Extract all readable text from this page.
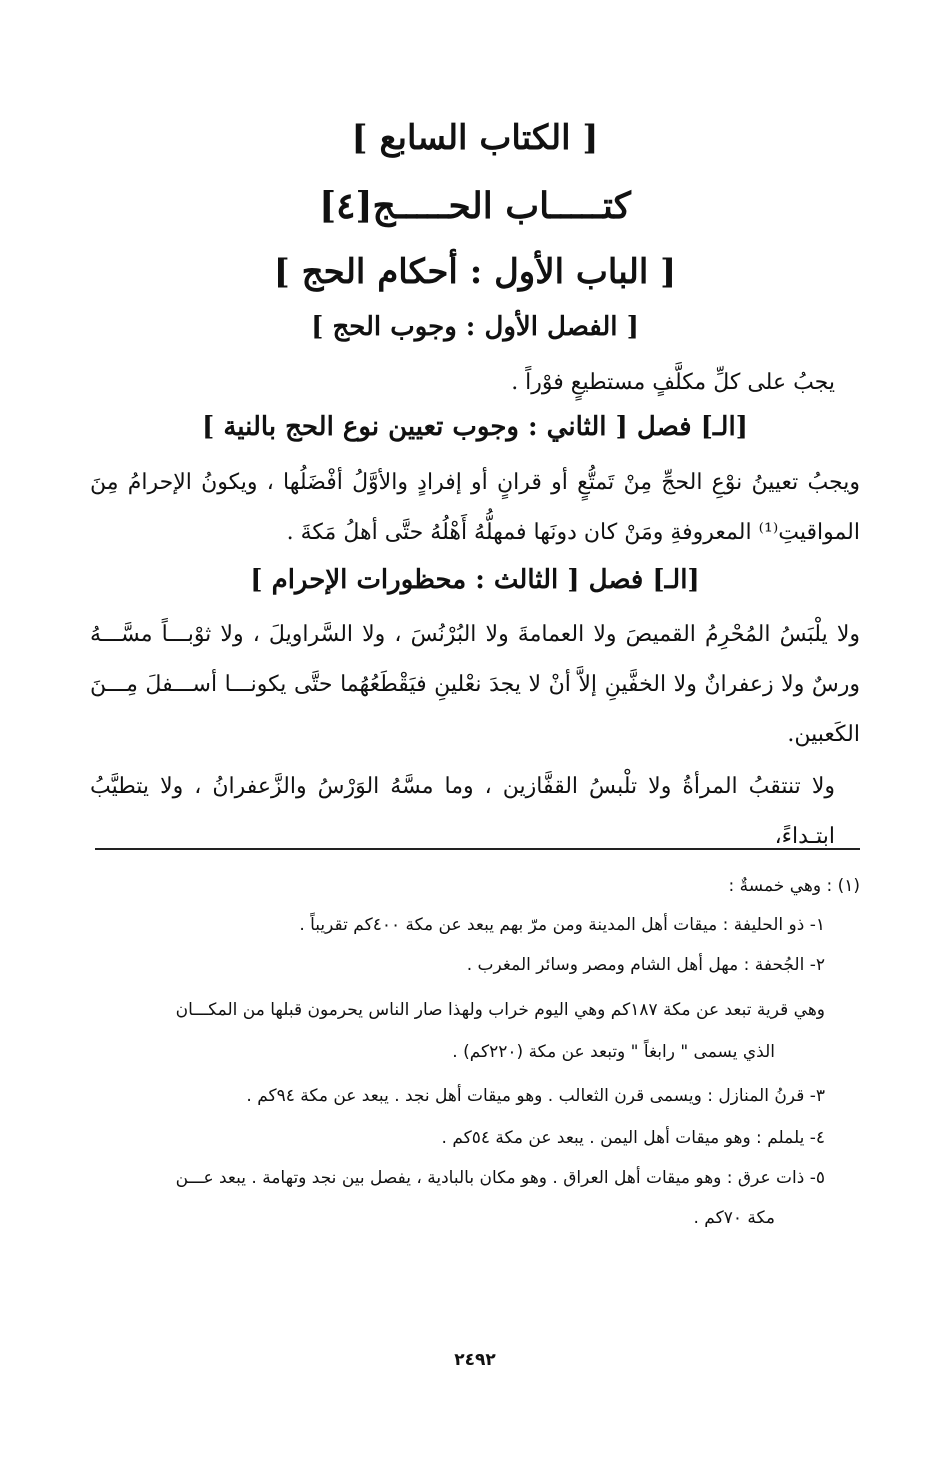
[ الكتاب السابع ]
كتـــــاب الحـــــج[٤]
[ الباب الأول : أحكام الحج ]
[ الفصل الأول : وجوب الحج ]
يجبُ على كلِّ مكلَّفٍ مستطيعٍ فوْراً .
[الـ] فصل [ الثاني : وجوب تعيين نوع الحج بالنية ]
ويجبُ تعيينُ نوْعِ الحجِّ مِنْ تَمتُّعٍ أو قرانٍ أو إفرادٍ والأوَّلُ أفْضَلُها ، ويكونُ الإحرامُ مِنَ المواقيتِ⁽¹⁾ المعروفةِ ومَنْ كان دونَها فمهلُّهُ أَهْلُهُ حتَّى أهلُ مَكةَ .
[الـ] فصل [ الثالث : محظورات الإحرام ]
ولا يلْبَسُ المُحْرِمُ القميصَ ولا العمامةَ ولا البُرْنُسَ ، ولا السَّراويلَ ، ولا ثوْبـــاً مسَّـــهُ ورسٌ ولا زعفرانٌ ولا الخفَّينِ إلاَّ أنْ لا يجدَ نعْلينِ فيَقْطَعُهُما حتَّى يكونـــا أســـفلَ مِـــنَ الكَعبين.
ولا تنتقبُ المرأةُ ولا تلْبسُ القفَّازين ، وما مسَّهُ الوَرْسُ والزَّعفرانُ ، ولا يتطيَّبُ ابتـداءً،
(١) : وهي خمسةٌ :
١- ذو الحليفة : ميقات أهل المدينة ومن مرّ بهم يبعد عن مكة ٤٠٠كم تقريباً .
٢- الجُحفة : مهل أهل الشام ومصر وسائر المغرب .
وهي قرية تبعد عن مكة ١٨٧كم وهي اليوم خراب ولهذا صار الناس يحرمون قبلها من المكـــان
الذي يسمى " رابغاً " وتبعد عن مكة (٢٢٠كم) .
٣- قرنُ المنازل : ويسمى قرن الثعالب . وهو ميقات أهل نجد . يبعد عن مكة ٩٤كم .
٤- يلملم : وهو ميقات أهل اليمن . يبعد عن مكة ٥٤كم .
٥- ذات عرق : وهو ميقات أهل العراق . وهو مكان بالبادية ، يفصل بين نجد وتهامة . يبعد عـــن
مكة ٧٠كم .
٢٤٩٢
